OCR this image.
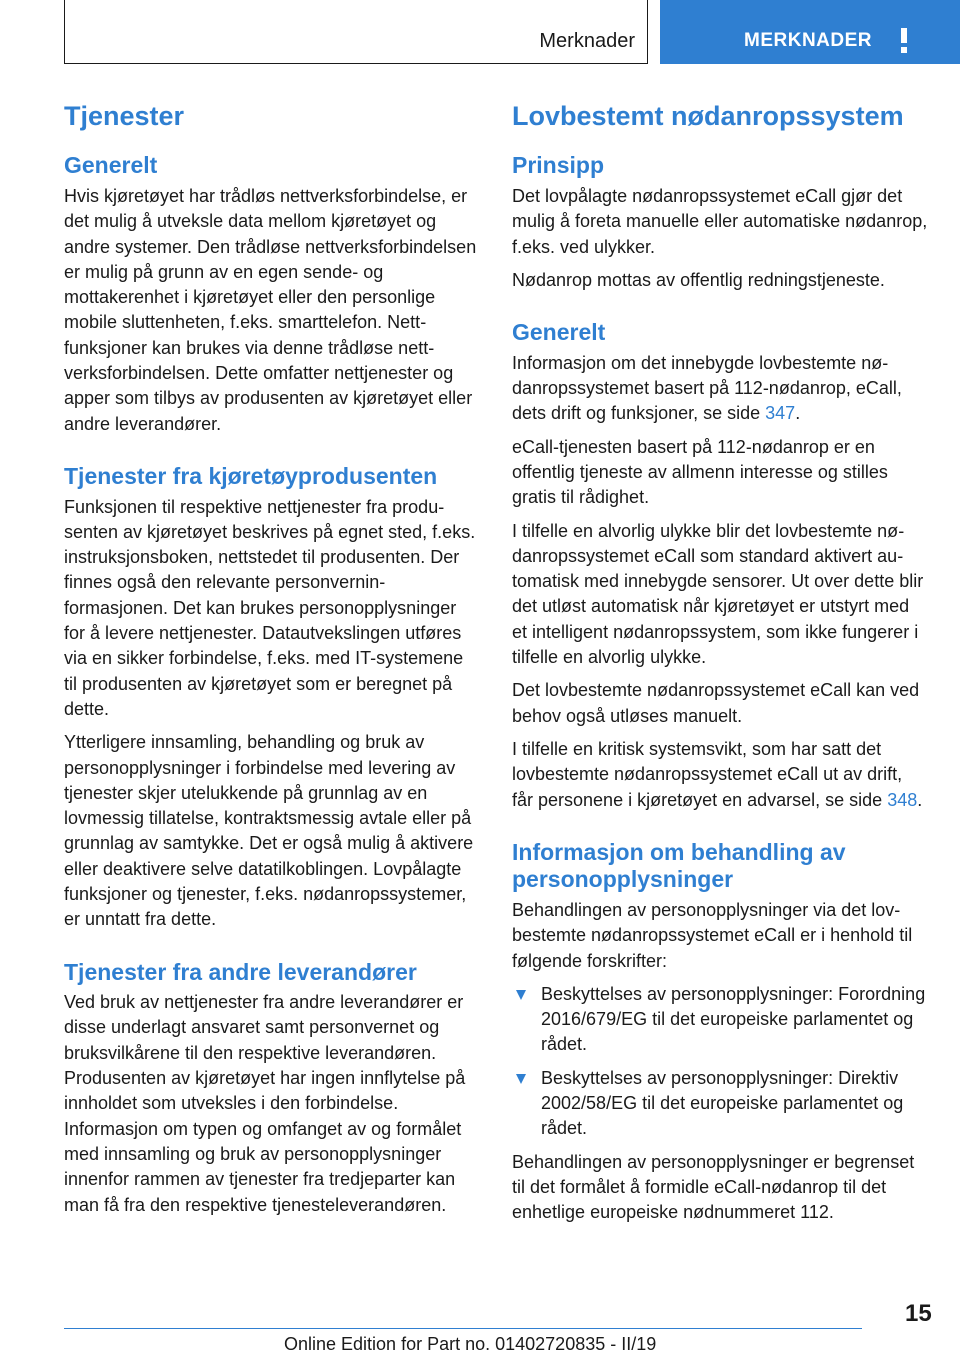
Merknader	MERKNADER
Tjenester
Generelt

Hvis kjøretøyet har trådløs nettverksforbindelse, er det mulig å utveksle data mellom kjøretøyet og andre systemer. Den trådløse nettverksforbindelsen er mulig på grunn av en egen sende- og mottakerenhet i kjøretøyet eller den personlige mobile sluttenheten, f.eks. smarttelefon. Nettfunksjoner kan brukes via denne trådløse nettverksforbindelsen. Dette omfatter nettjenester og apper som tilbys av produsenten av kjøretøyet eller andre leverandører.

Tjenester fra kjøretøyprodusenten

Funksjonen til respektive nettjenester fra produsenten av kjøretøyet beskrives på egnet sted, f.eks. instruksjonsboken, nettstedet til produsenten. Der finnes også den relevante personverninformasjonen. Det kan brukes personopplysninger for å levere nettjenester. Datautvekslingen utføres via en sikker forbindelse, f.eks. med IT-systemene til produsenten av kjøretøyet som er beregnet på dette.

Ytterligere innsamling, behandling og bruk av personopplysninger i forbindelse med levering av tjenester skjer utelukkende på grunnlag av en lovmessig tillatelse, kontraktsmessig avtale eller på grunnlag av samtykke. Det er også mulig å aktivere eller deaktivere selve datatilkoblingen. Lovpålagte funksjoner og tjenester, f.eks. nødanropssystemer, er unntatt fra dette.

Tjenester fra andre leverandører

Ved bruk av nettjenester fra andre leverandører er disse underlagt ansvaret samt personvernet og bruksvilkårene til den respektive leverandøren. Produsenten av kjøretøyet har ingen innflytelse på innholdet som utveksles i den forbindelse. Informasjon om typen og omfanget av og formålet med innsamling og bruk av personopplysninger innenfor rammen av tjenester fra tredjeparter kan man få fra den respektive tjenesteleverandøren.

Lovbestemt nødanropssystem
Prinsipp

Det lovpålagte nødanropssystemet eCall gjør det mulig å foreta manuelle eller automatiske nødanrop, f.eks. ved ulykker.

Nødanrop mottas av offentlig redningstjeneste.

Generelt

Informasjon om det innebygde lovbestemte nødanropssystemet basert på 112-nødanrop, eCall, dets drift og funksjoner, se side 347.

eCall-tjenesten basert på 112-nødanrop er en offentlig tjeneste av allmenn interesse og stilles gratis til rådighet.

I tilfelle en alvorlig ulykke blir det lovbestemte nødanropssystemet eCall som standard aktivert automatisk med innebygde sensorer. Ut over dette blir det utløst automatisk når kjøretøyet er utstyrt med et intelligent nødanropssystem, som ikke fungerer i tilfelle en alvorlig ulykke.

Det lovbestemte nødanropssystemet eCall kan ved behov også utløses manuelt.

I tilfelle en kritisk systemsvikt, som har satt det lovbestemte nødanropssystemet eCall ut av drift, får personene i kjøretøyet en advarsel, se side 348.

Informasjon om behandling av personopplysninger

Behandlingen av personopplysninger via det lovbestemte nødanropssystemet eCall er i henhold til følgende forskrifter:

Beskyttelses av personopplysninger: Forordning 2016/679/EG til det europeiske parlamentet og rådet.
Beskyttelses av personopplysninger: Direktiv 2002/58/EG til det europeiske parlamentet og rådet.

Behandlingen av personopplysninger er begrenset til det formålet å formidle eCall-nødanrop til det enhetlige europeiske nødnummeret 112.

15
Online Edition for Part no. 01402720835 - II/19
